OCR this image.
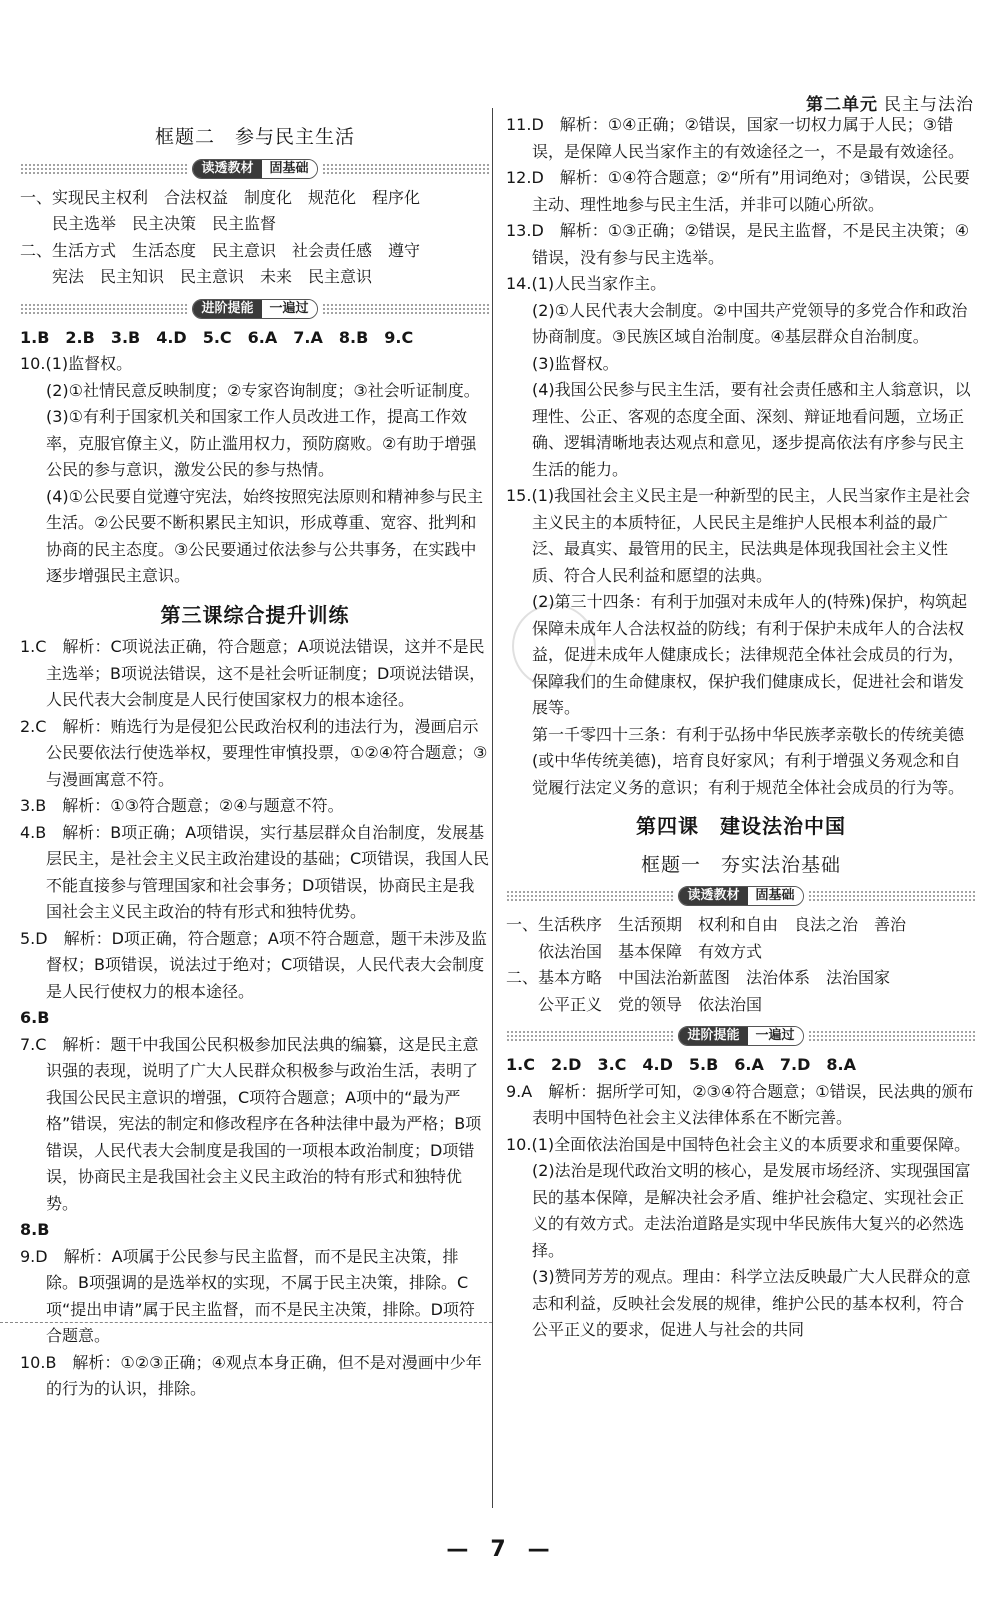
第二单元 民主与法治
框题二　参与民主生活
读透教材	固基础

一、实现民主权利　合法权益　制度化　规范化　程序化

民主选举　民主决策　民主监督

二、生活方式　生活态度　民主意识　社会责任感　遵守

宪法　民主知识　民主意识　未来　民主意识

进阶提能	一遍过

1.B　2.B　3.B　4.D　5.C　6.A　7.A　8.B　9.C

10.(1)监督权。

(2)①社情民意反映制度；②专家咨询制度；③社会听证制度。

(3)①有利于国家机关和国家工作人员改进工作，提高工作效率，克服官僚主义，防止滥用权力，预防腐败。②有助于增强公民的参与意识，激发公民的参与热情。

(4)①公民要自觉遵守宪法，始终按照宪法原则和精神参与民主生活。②公民要不断积累民主知识，形成尊重、宽容、批判和协商的民主态度。③公民要通过依法参与公共事务，在实践中逐步增强民主意识。

第三课综合提升训练

1.C　解析：C项说法正确，符合题意；A项说法错误，这并不是民主选举；B项说法错误，这不是社会听证制度；D项说法错误，人民代表大会制度是人民行使国家权力的根本途径。

2.C　解析：贿选行为是侵犯公民政治权利的违法行为，漫画启示公民要依法行使选举权，要理性审慎投票，①②④符合题意；③与漫画寓意不符。

3.B　解析：①③符合题意；②④与题意不符。

4.B　解析：B项正确；A项错误，实行基层群众自治制度，发展基层民主，是社会主义民主政治建设的基础；C项错误，我国人民不能直接参与管理国家和社会事务；D项错误，协商民主是我国社会主义民主政治的特有形式和独特优势。

5.D　解析：D项正确，符合题意；A项不符合题意，题干未涉及监督权；B项错误，说法过于绝对；C项错误，人民代表大会制度是人民行使权力的根本途径。

6.B

7.C　解析：题干中我国公民积极参加民法典的编纂，这是民主意识强的表现，说明了广大人民群众积极参与政治生活，表明了我国公民民主意识的增强，C项符合题意；A项中的“最为严格”错误，宪法的制定和修改程序在各种法律中最为严格；B项错误，人民代表大会制度是我国的一项根本政治制度；D项错误，协商民主是我国社会主义民主政治的特有形式和独特优势。

8.B

9.D　解析：A项属于公民参与民主监督，而不是民主决策，排除。B项强调的是选举权的实现，不属于民主决策，排除。C项“提出申请”属于民主监督，而不是民主决策，排除。D项符合题意。

10.B　解析：①②③正确；④观点本身正确，但不是对漫画中少年的行为的认识，排除。

11.D　解析：①④正确；②错误，国家一切权力属于人民；③错误，是保障人民当家作主的有效途径之一，不是最有效途径。

12.D　解析：①④符合题意；②“所有”用词绝对；③错误，公民要主动、理性地参与民主生活，并非可以随心所欲。

13.D　解析：①③正确；②错误，是民主监督，不是民主决策；④错误，没有参与民主选举。

14.(1)人民当家作主。

(2)①人民代表大会制度。②中国共产党领导的多党合作和政治协商制度。③民族区域自治制度。④基层群众自治制度。

(3)监督权。

(4)我国公民参与民主生活，要有社会责任感和主人翁意识，以理性、公正、客观的态度全面、深刻、辩证地看问题，立场正确、逻辑清晰地表达观点和意见，逐步提高依法有序参与民主生活的能力。

15.(1)我国社会主义民主是一种新型的民主，人民当家作主是社会主义民主的本质特征，人民民主是维护人民根本利益的最广泛、最真实、最管用的民主，民法典是体现我国社会主义性质、符合人民利益和愿望的法典。

(2)第三十四条：有利于加强对未成年人的(特殊)保护，构筑起保障未成年人合法权益的防线；有利于保护未成年人的合法权益，促进未成年人健康成长；法律规范全体社会成员的行为，保障我们的生命健康权，保护我们健康成长，促进社会和谐发展等。

第一千零四十三条：有利于弘扬中华民族孝亲敬长的传统美德(或中华传统美德)，培育良好家风；有利于增强义务观念和自觉履行法定义务的意识；有利于规范全体社会成员的行为等。

第四课　建设法治中国
框题一　夯实法治基础
读透教材	固基础

一、生活秩序　生活预期　权利和自由　良法之治　善治

依法治国　基本保障　有效方式

二、基本方略　中国法治新蓝图　法治体系　法治国家

公平正义　党的领导　依法治国

进阶提能	一遍过

1.C　2.D　3.C　4.D　5.B　6.A　7.D　8.A

9.A　解析：据所学可知，②③④符合题意；①错误，民法典的颁布表明中国特色社会主义法律体系在不断完善。

10.(1)全面依法治国是中国特色社会主义的本质要求和重要保障。

(2)法治是现代政治文明的核心，是发展市场经济、实现强国富民的基本保障，是解决社会矛盾、维护社会稳定、实现社会正义的有效方式。走法治道路是实现中华民族伟大复兴的必然选择。

(3)赞同芳芳的观点。理由：科学立法反映最广大人民群众的意志和利益，反映社会发展的规律，维护公民的基本权利，符合公平正义的要求，促进人与社会的共同

—　7　—
